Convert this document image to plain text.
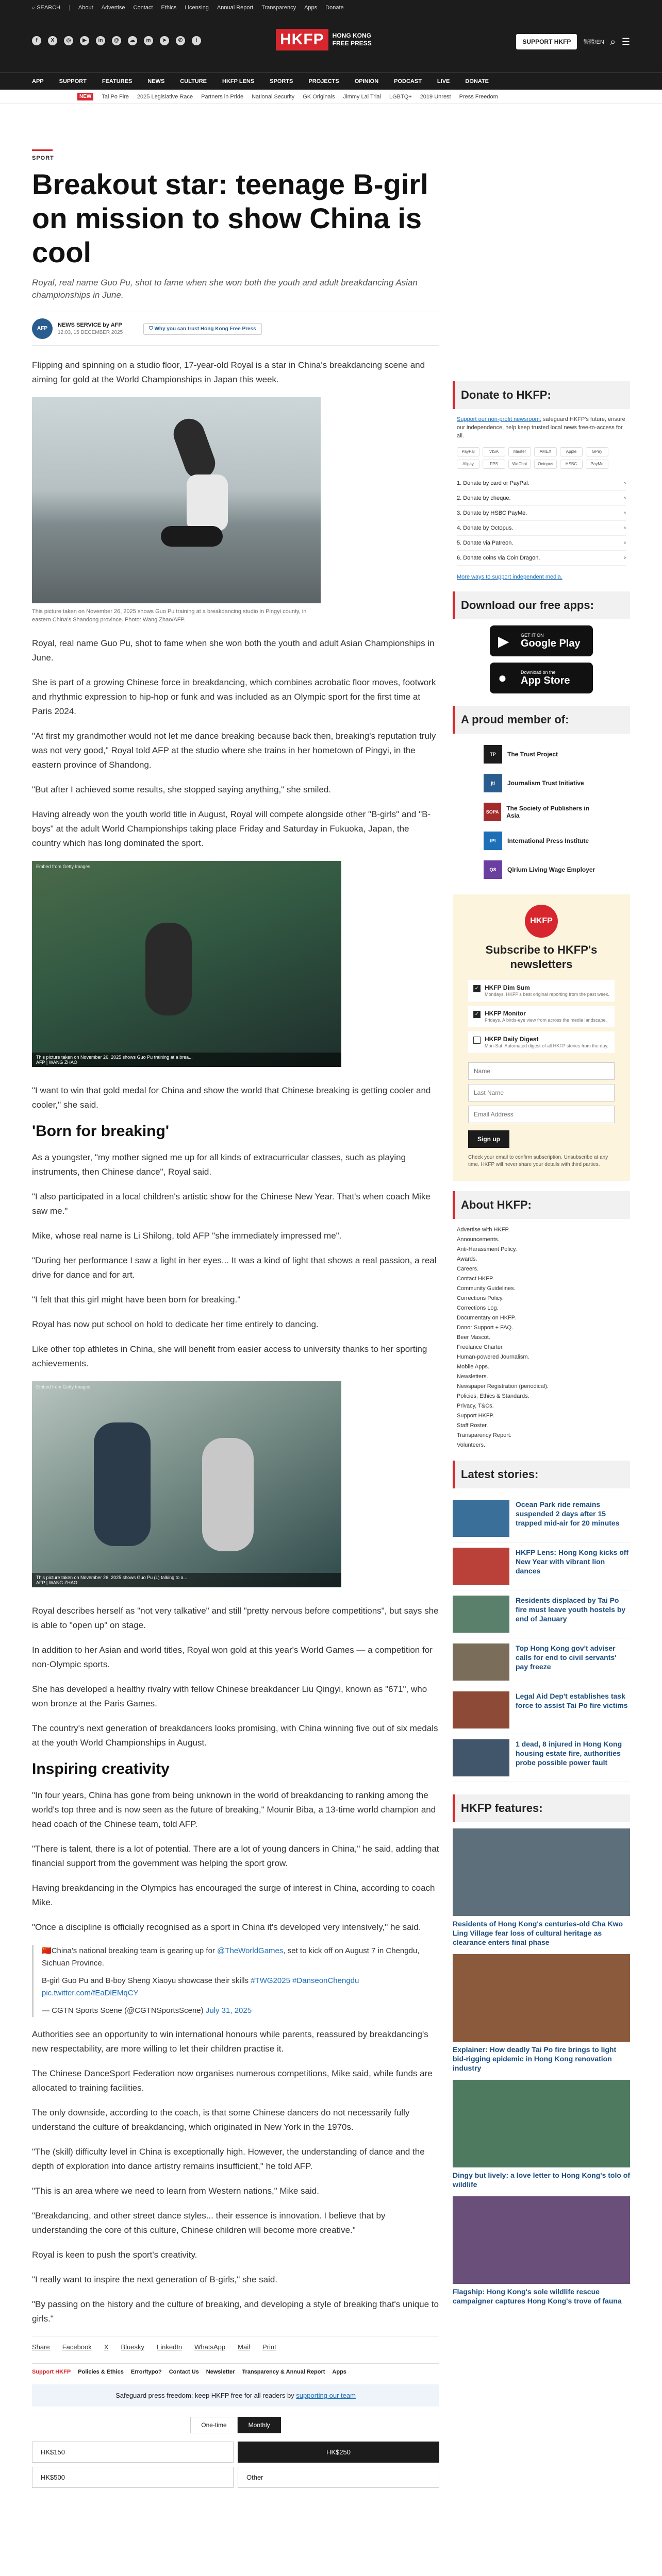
⌕ SEARCH | About Advertise Contact Ethics Licensing Annual Report Transparency Apps Donate
f	X	◎	▶	in	@	☁	m	➤	✆	⌇	HKFP	HONG KONG
FREE PRESS	SUPPORT HKFP	繁體/EN ⌕ ☰
APP	SUPPORT	FEATURES	NEWS	CULTURE	HKFP LENS	SPORTS	PROJECTS	OPINION	PODCAST	LIVE	DONATE
NEW	Tai Po Fire 2025 Legislative Race Partners in Pride National Security GK Originals Jimmy Lai Trial LGBTQ+ 2019 Unrest Press Freedom
SPORT
Breakout star: teenage B-girl on mission to show China is cool

Royal, real name Guo Pu, shot to fame when she won both the youth and adult breakdancing Asian championships in June.

AFP
NEWS SERVICE by AFP
12:03, 15 DECEMBER 2025
⛉ Why you can trust Hong Kong Free Press

Flipping and spinning on a studio floor, 17-year-old Royal is a star in China's breakdancing scene and aiming for gold at the World Championships in Japan this week.

This picture taken on November 26, 2025 shows Guo Pu training at a breakdancing studio in Pingyi county, in eastern China's Shandong province. Photo: Wang Zhao/AFP.

Royal, real name Guo Pu, shot to fame when she won both the youth and adult Asian Championships in June.

She is part of a growing Chinese force in breakdancing, which combines acrobatic floor moves, footwork and rhythmic expression to hip-hop or funk and was included as an Olympic sport for the first time at Paris 2024.

"At first my grandmother would not let me dance breaking because back then, breaking's reputation truly was not very good," Royal told AFP at the studio where she trains in her hometown of Pingyi, in the eastern province of Shandong.

"But after I achieved some results, she stopped saying anything," she smiled.

Having already won the youth world title in August, Royal will compete alongside other "B-girls" and "B-boys" at the adult World Championships taking place Friday and Saturday in Fukuoka, Japan, the country which has long dominated the sport.

Embed from Getty Images
This picture taken on November 26, 2025 shows Guo Pu training at a brea...
AFP | WANG ZHAO

"I want to win that gold medal for China and show the world that Chinese breaking is getting cooler and cooler," she said.

'Born for breaking'

As a youngster, "my mother signed me up for all kinds of extracurricular classes, such as playing instruments, then Chinese dance", Royal said.

"I also participated in a local children's artistic show for the Chinese New Year. That's when coach Mike saw me."

Mike, whose real name is Li Shilong, told AFP "she immediately impressed me".

"During her performance I saw a light in her eyes... It was a kind of light that shows a real passion, a real drive for dance and for art.

"I felt that this girl might have been born for breaking."

Royal has now put school on hold to dedicate her time entirely to dancing.

Like other top athletes in China, she will benefit from easier access to university thanks to her sporting achievements.

Embed from Getty Images
This picture taken on November 26, 2025 shows Guo Pu (L) talking to a...
AFP | WANG ZHAO

Royal describes herself as "not very talkative" and still "pretty nervous before competitions", but says she is able to "open up" on stage.

In addition to her Asian and world titles, Royal won gold at this year's World Games — a competition for non-Olympic sports.

She has developed a healthy rivalry with fellow Chinese breakdancer Liu Qingyi, known as "671", who won bronze at the Paris Games.

The country's next generation of breakdancers looks promising, with China winning five out of six medals at the youth World Championships in August.

Inspiring creativity

"In four years, China has gone from being unknown in the world of breakdancing to ranking among the world's top three and is now seen as the future of breaking," Mounir Biba, a 13-time world champion and head coach of the Chinese team, told AFP.

"There is talent, there is a lot of potential. There are a lot of young dancers in China," he said, adding that financial support from the government was helping the sport grow.

Having breakdancing in the Olympics has encouraged the surge of interest in China, according to coach Mike.

"Once a discipline is officially recognised as a sport in China it's developed very intensively," he said.

🇨🇳China's national breaking team is gearing up for @TheWorldGames, set to kick off on August 7 in Chengdu, Sichuan Province.

B-girl Guo Pu and B-boy Sheng Xiaoyu showcase their skills #TWG2025 #DanseonChengdu pic.twitter.com/fEaDlEMqCY

— CGTN Sports Scene (@CGTNSportsScene) July 31, 2025

Authorities see an opportunity to win international honours while parents, reassured by breakdancing's new respectability, are more willing to let their children practise it.

The Chinese DanceSport Federation now organises numerous competitions, Mike said, while funds are allocated to training facilities.

The only downside, according to the coach, is that some Chinese dancers do not necessarily fully understand the culture of breakdancing, which originated in New York in the 1970s.

"The (skill) difficulty level in China is exceptionally high. However, the understanding of dance and the depth of exploration into dance artistry remains insufficient," he told AFP.

"This is an area where we need to learn from Western nations," Mike said.

"Breakdancing, and other street dance styles... their essence is innovation. I believe that by understanding the core of this culture, Chinese children will become more creative."

Royal is keen to push the sport's creativity.

"I really want to inspire the next generation of B-girls," she said.

"By passing on the history and the culture of breaking, and developing a style of breaking that's unique to girls."

Share Facebook X Bluesky LinkedIn WhatsApp Mail Print
Support HKFP Policies & Ethics Error/typo? Contact Us Newsletter Transparency & Annual Report Apps
Safeguard press freedom; keep HKFP free for all readers by supporting our team
One-time	Monthly
HK$150	HK$250
HK$500	Other
Donate to HKFP:

Support our non-profit newsroom: safeguard HKFP's future, ensure our independence, help keep trusted local news free-to-access for all.

PayPal	VISA	Master	AMEX	Apple	GPay
Alipay	FPS	WeChat	Octopus	HSBC	PayMe
1. Donate by card or PayPal.	›
2. Donate by cheque.	›
3. Donate by HSBC PayMe.	›
4. Donate by Octopus.	›
5. Donate via Patreon.	›
6. Donate coins via Coin Dragon.	›
More ways to support independent media.
Download our free apps:
▶ GET IT ON
Google Play
●	Download on the
App Store
A proud member of:
TP	The Trust Project
jti	Journalism Trust Initiative
SOPA	The Society of Publishers in Asia
IPI	International Press Institute
QS	Qirium Living Wage Employer
HKFP
Subscribe to HKFP's newsletters
✓ HKFP Dim Sum
Mondays. HKFP's best original reporting from the past week.
✓ HKFP Monitor
Fridays. A birds-eye view from across the media landscape.
HKFP Daily Digest
Mon-Sat. Automated digest of all HKFP stories from the day.
Name
Last Name
Email Address Sign up

Check your email to confirm subscription. Unsubscribe at any time. HKFP will never share your details with third parties.

About HKFP:
Advertise with HKFP.
Announcements.
Anti-Harassment Policy.
Awards.
Careers.
Contact HKFP.
Community Guidelines.
Corrections Policy.
Corrections Log.
Documentary on HKFP.
Donor Support + FAQ.
Beer Mascot.
Freelance Charter.
Human-powered Journalism.
Mobile Apps.
Newsletters.
Newspaper Registration (periodical).
Policies, Ethics & Standards.
Privacy, T&Cs.
Support HKFP.
Staff Roster.
Transparency Report.
Volunteers.
Latest stories:
Ocean Park ride remains suspended 2 days after 15 trapped mid-air for 20 minutes
HKFP Lens: Hong Kong kicks off New Year with vibrant lion dances
Residents displaced by Tai Po fire must leave youth hostels by end of January
Top Hong Kong gov't adviser calls for end to civil servants' pay freeze
Legal Aid Dep't establishes task force to assist Tai Po fire victims
1 dead, 8 injured in Hong Kong housing estate fire, authorities probe possible power fault
HKFP features:
Residents of Hong Kong's centuries-old Cha Kwo Ling Village fear loss of cultural heritage as clearance enters final phase
Explainer: How deadly Tai Po fire brings to light bid-rigging epidemic in Hong Kong renovation industry
Dingy but lively: a love letter to Hong Kong's tolo of wildlife
Flagship: Hong Kong's sole wildlife rescue campaigner captures Hong Kong's trove of fauna
